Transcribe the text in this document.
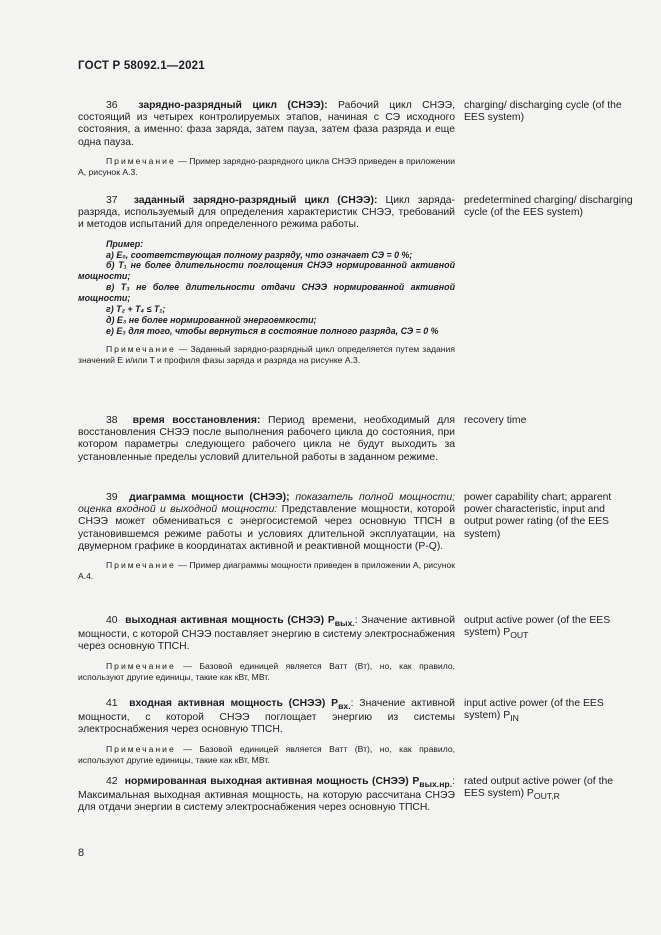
ГОСТ Р 58092.1—2021

36 зарядно-разрядный цикл (СНЭЭ): Рабочий цикл СНЭЭ, состоящий из четырех контролируемых этапов, начиная с СЭ исходного состояния, а именно: фаза заряда, затем пауза, затем фаза разряда и еще одна пауза.

Примечание — Пример зарядно-разрядного цикла СНЭЭ приведен в приложении А, рисунок А.3.

charging/ discharging cycle (of the EES system)

37 заданный зарядно-разрядный цикл (СНЭЭ): Цикл заряда-разряда, используемый для определения характеристик СНЭЭ, требований и методов испытаний для определенного режима работы.

Пример:
а) E₀, соответствующая полному разряду, что означает СЭ = 0 %;
б) T₁ не более длительности поглощения СНЭЭ нормированной активной мощности;
в) T₃ не более длительности отдачи СНЭЭ нормированной активной мощности;
г) T₂ + T₄ ≤ T₁;
д) E₃ не более нормированной энергоемкости;
е) E₃ для того, чтобы вернуться в состояние полного разряда, СЭ = 0 %

Примечание — Заданный зарядно-разрядный цикл определяется путем задания значений E и/или T и профиля фазы заряда и разряда на рисунке А.3.

predetermined charging/ discharging cycle (of the EES system)

38 время восстановления: Период времени, необходимый для восстановления СНЭЭ после выполнения рабочего цикла до состояния, при котором параметры следующего рабочего цикла не будут выходить за установленные пределы условий длительной работы в заданном режиме.

recovery time

39 диаграмма мощности (СНЭЭ); показатель полной мощности; оценка входной и выходной мощности: Представление мощности, которой СНЭЭ может обмениваться с энергосистемой через основную ТПСН в установившемся режиме работы и условиях длительной эксплуатации, на двумерном графике в координатах активной и реактивной мощности (P-Q).

Примечание — Пример диаграммы мощности приведен в приложении А, рисунок А.4.

power capability chart; apparent power characteristic, input and output power rating (of the EES system)

40 выходная активная мощность (СНЭЭ) $P_{вых.}$: Значение активной мощности, с которой СНЭЭ поставляет энергию в систему электроснабжения через основную ТПСН.

Примечание — Базовой единицей является Ватт (Вт), но, как правило, используют другие единицы, такие как кВт, МВт.

output active power (of the EES system) $P_{OUT}$

41 входная активная мощность (СНЭЭ) $P_{вх.}$: Значение активной мощности, с которой СНЭЭ поглощает энергию из системы электроснабжения через основную ТПСН.

Примечание — Базовой единицей является Ватт (Вт), но, как правило, используют другие единицы, такие как кВт, МВт.

input active power (of the EES system) $P_{IN}$

42 нормированная выходная активная мощность (СНЭЭ) $P_{вых.нр.}$: Максимальная выходная активная мощность, на которую рассчитана СНЭЭ для отдачи энергии в систему электроснабжения через основную ТПСН.

rated output active power (of the EES system) $P_{OUT,R}$
8
